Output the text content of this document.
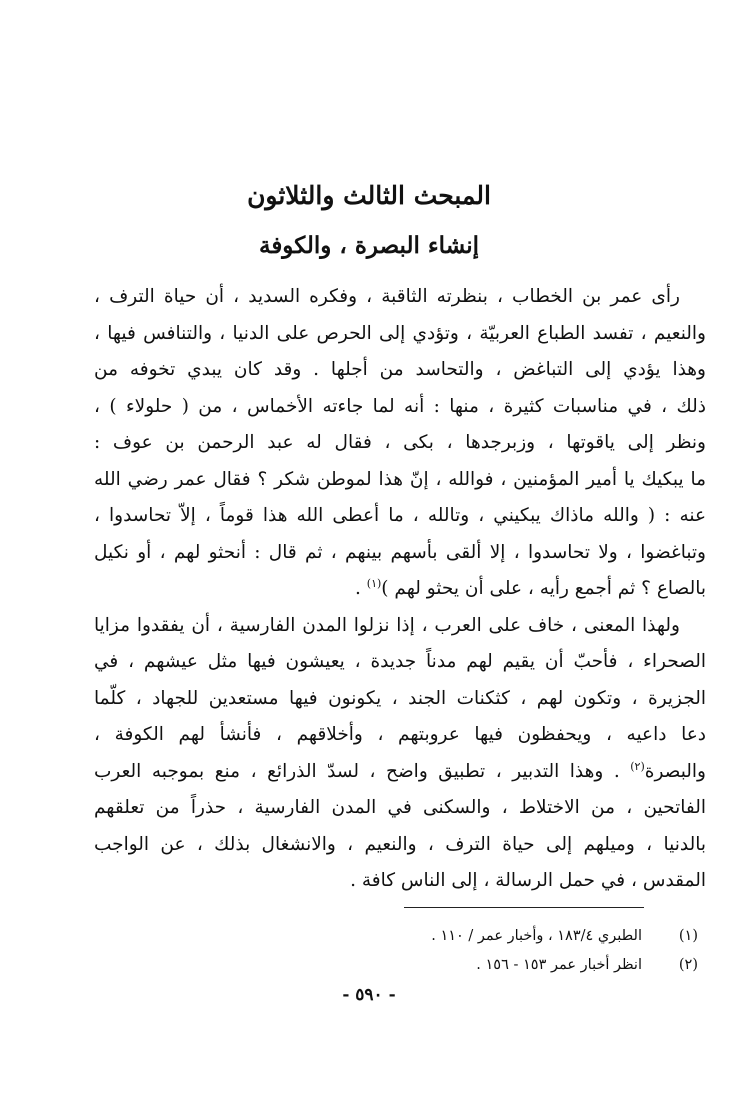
المبحث الثالث والثلاثون
إنشاء البصرة ، والكوفة
رأى عمر بن الخطاب ، بنظرته الثاقبة ، وفكره السديد ، أن حياة الترف ،
والنعيم ، تفسد الطباع العربيّة ، وتؤدي إلى الحرص على الدنيا ، والتنافس فيها ،
وهذا يؤدي إلى التباغض ، والتحاسد من أجلها . وقد كان يبدي تخوفه من
ذلك ، في مناسبات كثيرة ، منها : أنه لما جاءته الأخماس ، من ( حلولاء ) ،
ونظر إلى ياقوتها ، وزبرجدها ، بكى ، فقال له عبد الرحمن بن عوف :
ما يبكيك يا أمير المؤمنين ، فوالله ، إنّ هذا لموطن شكر ؟ فقال عمر رضي الله
عنه : ( والله ماذاك يبكيني ، وتالله ، ما أعطى الله هذا قوماً ، إلاّ تحاسدوا ،
وتباغضوا ، ولا تحاسدوا ، إلا ألقى بأسهم بينهم ، ثم قال : أنحثو لهم ، أو نكيل
بالصاع ؟ ثم أجمع رأيه ، على أن يحثو لهم )$^{(١)}$ .
ولهذا المعنى ، خاف على العرب ، إذا نزلوا المدن الفارسية ، أن يفقدوا مزايا
الصحراء ، فأحبّ أن يقيم لهم مدناً جديدة ، يعيشون فيها مثل عيشهم ، في
الجزيرة ، وتكون لهم ، كثكنات الجند ، يكونون فيها مستعدين للجهاد ، كلّما
دعا داعيه ، ويحفظون فيها عروبتهم ، وأخلاقهم ، فأنشأ لهم الكوفة ،
والبصرة$^{(٢)}$ . وهذا التدبير ، تطبيق واضح ، لسدّ الذرائع ، منع بموجبه العرب
الفاتحين ، من الاختلاط ، والسكنى في المدن الفارسية ، حذراً من تعلقهم
بالدنيا ، وميلهم إلى حياة الترف ، والنعيم ، والانشغال بذلك ، عن الواجب
المقدس ، في حمل الرسالة ، إلى الناس كافة .
(١)
الطبري ١٨٣/٤ ، وأخبار عمر / ١١٠ .
(٢)
انظر أخبار عمر ١٥٣ - ١٥٦ .
- ٥٩٠ -
